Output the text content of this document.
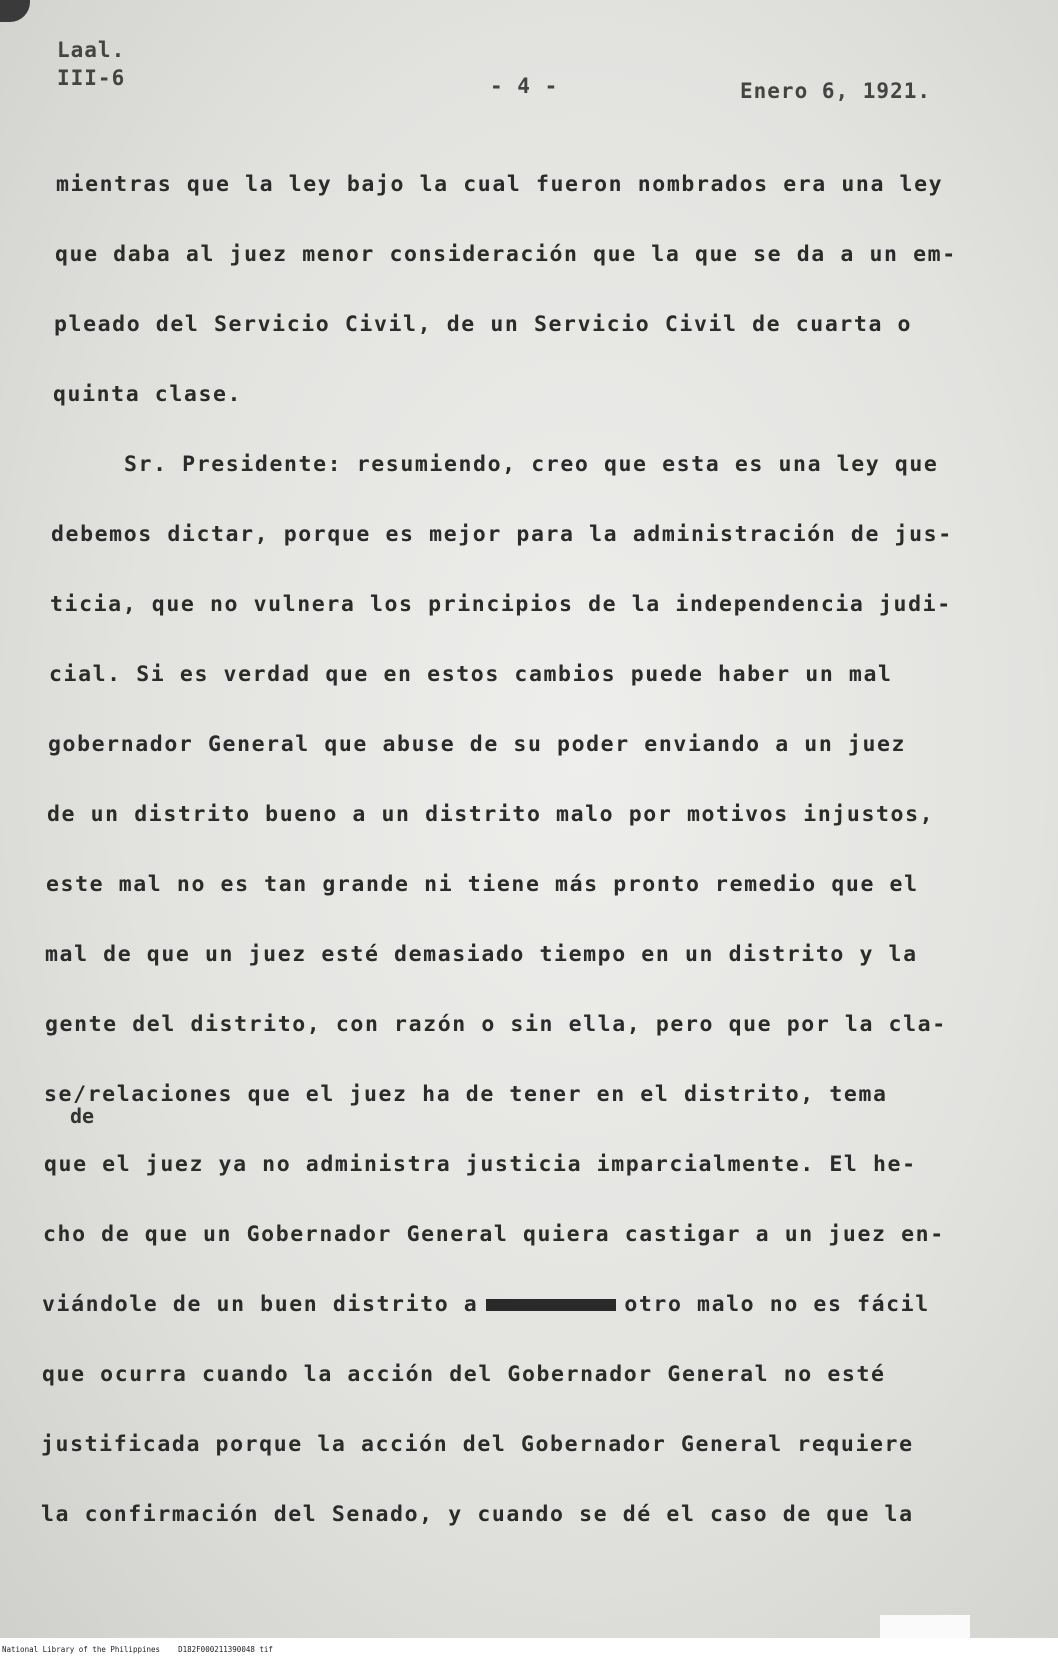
Laal.
III-6	- 4 -	Enero 6, 1921.
mientras que la ley bajo la cual fueron nombrados era una ley
que daba al juez menor consideración que la que se da a un em-
pleado del Servicio Civil, de un Servicio Civil de cuarta o
quinta clase.
Sr. Presidente: resumiendo, creo que esta es una ley que
debemos dictar, porque es mejor para la administración de jus-
ticia, que no vulnera los principios de la independencia judi-
cial. Si es verdad que en estos cambios puede haber un mal
gobernador General que abuse de su poder enviando a un juez
de un distrito bueno a un distrito malo por motivos injustos,
este mal no es tan grande ni tiene más pronto remedio que el
mal de que un juez esté demasiado tiempo en un distrito y la
gente del distrito, con razón o sin ella, pero que por la cla-
de
se/relaciones que el juez ha de tener en el distrito, tema
que el juez ya no administra justicia imparcialmente. El he-
cho de que un Gobernador General quiera castigar a un juez en-
viándole de un buen distrito a	otro malo no es fácil
que ocurra cuando la acción del Gobernador General no esté
justificada porque la acción del Gobernador General requiere
la confirmación del Senado, y cuando se dé el caso de que la
National Library of the Philippines    D182F000211390048 tif
